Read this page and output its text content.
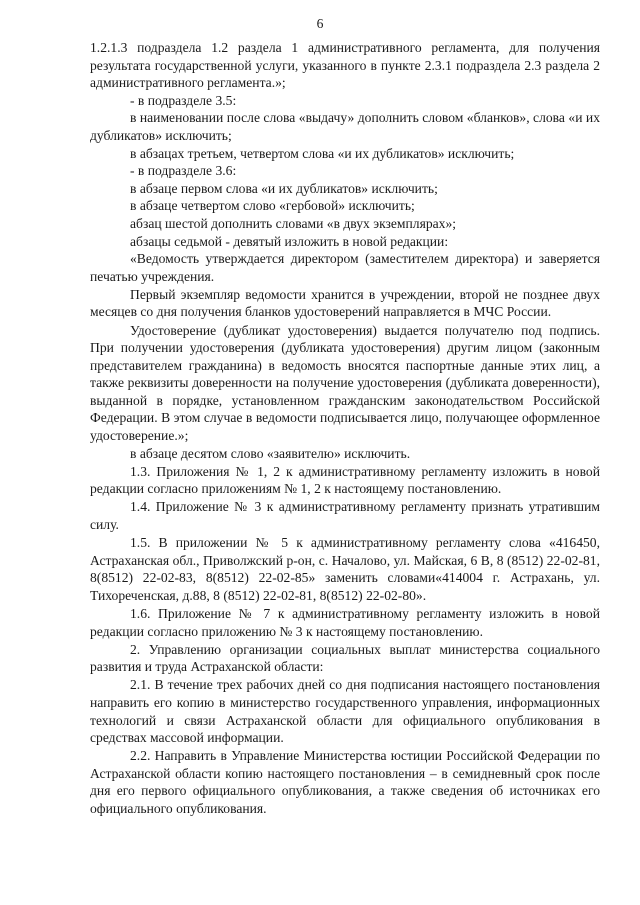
6

1.2.1.3 подраздела 1.2 раздела 1 административного регламента, для получения результата государственной услуги, указанного в пункте 2.3.1 подраздела 2.3 раздела 2 административного регламента.»;

- в подразделе 3.5:

в наименовании после слова «выдачу» дополнить словом «бланков», слова «и их дубликатов» исключить;

в абзацах третьем, четвертом слова «и их дубликатов» исключить;

- в подразделе 3.6:

в абзаце первом слова «и их дубликатов» исключить;

в абзаце четвертом слово «гербовой» исключить;

абзац шестой дополнить словами «в двух экземплярах»;

абзацы седьмой - девятый изложить в новой редакции:

«Ведомость утверждается директором (заместителем директора) и заверяется печатью учреждения.

Первый экземпляр ведомости хранится в учреждении, второй не позднее двух месяцев со дня получения бланков удостоверений направляется в МЧС России.

Удостоверение (дубликат удостоверения) выдается получателю под подпись. При получении удостоверения (дубликата удостоверения) другим лицом (законным представителем гражданина) в ведомость вносятся паспортные данные этих лиц, а также реквизиты доверенности на получение удостоверения (дубликата доверенности), выданной в порядке, установленном гражданским законодательством Российской Федерации. В этом случае в ведомости подписывается лицо, получающее оформленное удостоверение.»;

в абзаце десятом слово «заявителю» исключить.

1.3. Приложения № 1, 2 к административному регламенту изложить в новой редакции согласно приложениям № 1, 2 к настоящему постановлению.

1.4. Приложение № 3 к административному регламенту признать утратившим силу.

1.5. В приложении № 5 к административному регламенту слова «416450, Астраханская обл., Приволжский р-он, с. Началово, ул. Майская, 6 В, 8 (8512) 22-02-81, 8(8512) 22-02-83, 8(8512) 22-02-85» заменить словами«414004 г. Астрахань, ул. Тихореченская, д.88, 8 (8512) 22-02-81, 8(8512) 22-02-80».

1.6. Приложение № 7 к административному регламенту изложить в новой редакции согласно приложению № 3 к настоящему постановлению.

2. Управлению организации социальных выплат министерства социального развития и труда Астраханской области:

2.1. В течение трех рабочих дней со дня подписания настоящего постановления направить его копию в министерство государственного управления, информационных технологий и связи Астраханской области для официального опубликования в средствах массовой информации.

2.2. Направить в Управление Министерства юстиции Российской Федерации по Астраханской области копию настоящего постановления – в семидневный срок после дня его первого официального опубликования, а также сведения об источниках его официального опубликования.
